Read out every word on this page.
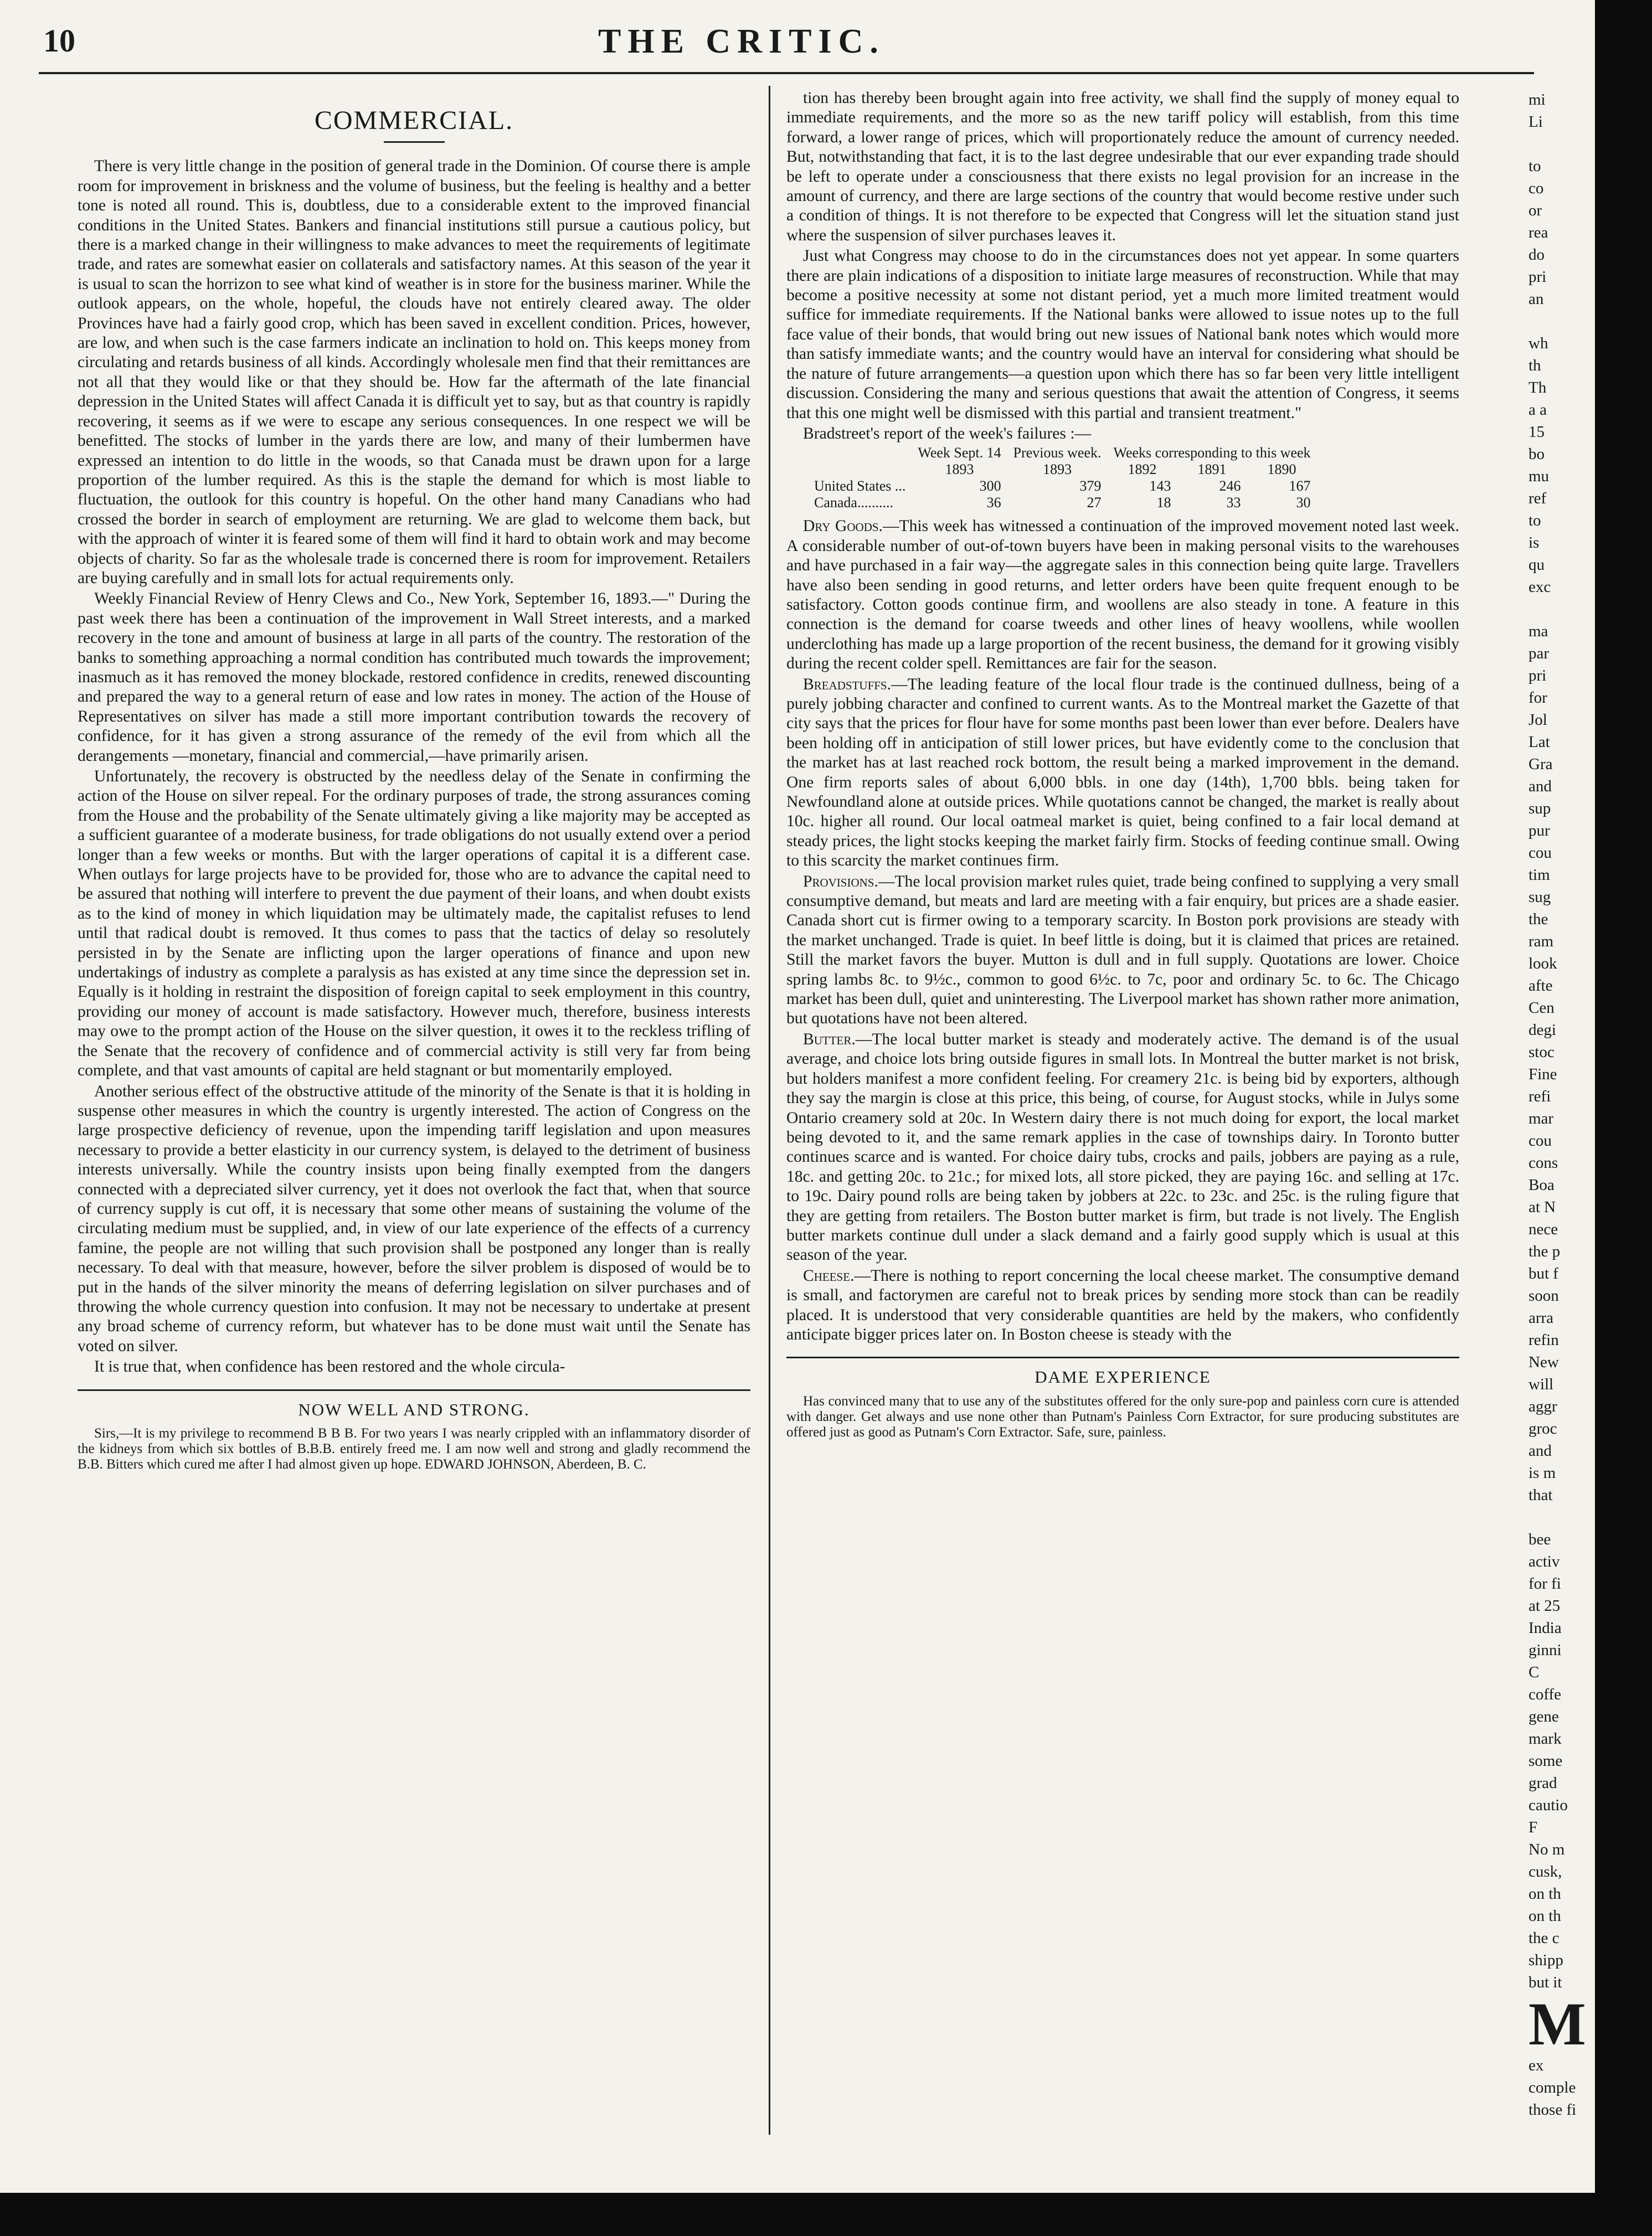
10	THE CRITIC.
COMMERCIAL.

There is very little change in the position of general trade in the Dominion. Of course there is ample room for improvement in briskness and the volume of business, but the feeling is healthy and a better tone is noted all round. This is, doubtless, due to a considerable extent to the improved financial conditions in the United States. Bankers and financial institutions still pursue a cautious policy, but there is a marked change in their willingness to make advances to meet the requirements of legitimate trade, and rates are somewhat easier on collaterals and satisfactory names. At this season of the year it is usual to scan the horrizon to see what kind of weather is in store for the business mariner. While the outlook appears, on the whole, hopeful, the clouds have not entirely cleared away. The older Provinces have had a fairly good crop, which has been saved in excellent condition. Prices, however, are low, and when such is the case farmers indicate an inclination to hold on. This keeps money from circulating and retards business of all kinds. Accordingly wholesale men find that their remittances are not all that they would like or that they should be. How far the aftermath of the late financial depression in the United States will affect Canada it is difficult yet to say, but as that country is rapidly recovering, it seems as if we were to escape any serious consequences. In one respect we will be benefitted. The stocks of lumber in the yards there are low, and many of their lumbermen have expressed an intention to do little in the woods, so that Canada must be drawn upon for a large proportion of the lumber required. As this is the staple the demand for which is most liable to fluctuation, the outlook for this country is hopeful. On the other hand many Canadians who had crossed the border in search of employment are returning. We are glad to welcome them back, but with the approach of winter it is feared some of them will find it hard to obtain work and may become objects of charity. So far as the wholesale trade is concerned there is room for improvement. Retailers are buying carefully and in small lots for actual requirements only.

Weekly Financial Review of Henry Clews and Co., New York, September 16, 1893.—" During the past week there has been a continuation of the improvement in Wall Street interests, and a marked recovery in the tone and amount of business at large in all parts of the country. The restoration of the banks to something approaching a normal condition has contributed much towards the improvement; inasmuch as it has removed the money blockade, restored confidence in credits, renewed discounting and prepared the way to a general return of ease and low rates in money. The action of the House of Representatives on silver has made a still more important contribution towards the recovery of confidence, for it has given a strong assurance of the remedy of the evil from which all the derangements —monetary, financial and commercial,—have primarily arisen.

Unfortunately, the recovery is obstructed by the needless delay of the Senate in confirming the action of the House on silver repeal. For the ordinary purposes of trade, the strong assurances coming from the House and the probability of the Senate ultimately giving a like majority may be accepted as a sufficient guarantee of a moderate business, for trade obligations do not usually extend over a period longer than a few weeks or months. But with the larger operations of capital it is a different case. When outlays for large projects have to be provided for, those who are to advance the capital need to be assured that nothing will interfere to prevent the due payment of their loans, and when doubt exists as to the kind of money in which liquidation may be ultimately made, the capitalist refuses to lend until that radical doubt is removed. It thus comes to pass that the tactics of delay so resolutely persisted in by the Senate are inflicting upon the larger operations of finance and upon new undertakings of industry as complete a paralysis as has existed at any time since the depression set in. Equally is it holding in restraint the disposition of foreign capital to seek employment in this country, providing our money of account is made satisfactory. However much, therefore, business interests may owe to the prompt action of the House on the silver question, it owes it to the reckless trifling of the Senate that the recovery of confidence and of commercial activity is still very far from being complete, and that vast amounts of capital are held stagnant or but momentarily employed.

Another serious effect of the obstructive attitude of the minority of the Senate is that it is holding in suspense other measures in which the country is urgently interested. The action of Congress on the large prospective deficiency of revenue, upon the impending tariff legislation and upon measures necessary to provide a better elasticity in our currency system, is delayed to the detriment of business interests universally. While the country insists upon being finally exempted from the dangers connected with a depreciated silver currency, yet it does not overlook the fact that, when that source of currency supply is cut off, it is necessary that some other means of sustaining the volume of the circulating medium must be supplied, and, in view of our late experience of the effects of a currency famine, the people are not willing that such provision shall be postponed any longer than is really necessary. To deal with that measure, however, before the silver problem is disposed of would be to put in the hands of the silver minority the means of deferring legislation on silver purchases and of throwing the whole currency question into confusion. It may not be necessary to undertake at present any broad scheme of currency reform, but whatever has to be done must wait until the Senate has voted on silver.

It is true that, when confidence has been restored and the whole circula-

NOW WELL AND STRONG.
Sirs,—It is my privilege to recommend B B B. For two years I was nearly crippled with an inflammatory disorder of the kidneys from which six bottles of B.B.B. entirely freed me. I am now well and strong and gladly recommend the B.B. Bitters which cured me after I had almost given up hope. EDWARD JOHNSON, Aberdeen, B. C.

tion has thereby been brought again into free activity, we shall find the supply of money equal to immediate requirements, and the more so as the new tariff policy will establish, from this time forward, a lower range of prices, which will proportionately reduce the amount of currency needed. But, notwithstanding that fact, it is to the last degree undesirable that our ever expanding trade should be left to operate under a consciousness that there exists no legal provision for an increase in the amount of currency, and there are large sections of the country that would become restive under such a condition of things. It is not therefore to be expected that Congress will let the situation stand just where the suspension of silver purchases leaves it.

Just what Congress may choose to do in the circumstances does not yet appear. In some quarters there are plain indications of a disposition to initiate large measures of reconstruction. While that may become a positive necessity at some not distant period, yet a much more limited treatment would suffice for immediate requirements. If the National banks were allowed to issue notes up to the full face value of their bonds, that would bring out new issues of National bank notes which would more than satisfy immediate wants; and the country would have an interval for considering what should be the nature of future arrangements—a question upon which there has so far been very little intelligent discussion. Considering the many and serious questions that await the attention of Congress, it seems that this one might well be dismissed with this partial and transient treatment."

Bradstreet's report of the week's failures :—

	Week Sept. 14	Previous week.	Weeks corresponding to this week		
	1893	1893	1892	1891	1890
United States ...	300	379	143	246	167
Canada..........	36	27	18	33	30

Dry Goods.—This week has witnessed a continuation of the improved movement noted last week. A considerable number of out-of-town buyers have been in making personal visits to the warehouses and have purchased in a fair way—the aggregate sales in this connection being quite large. Travellers have also been sending in good returns, and letter orders have been quite frequent enough to be satisfactory. Cotton goods continue firm, and woollens are also steady in tone. A feature in this connection is the demand for coarse tweeds and other lines of heavy woollens, while woollen underclothing has made up a large proportion of the recent business, the demand for it growing visibly during the recent colder spell. Remittances are fair for the season.

Breadstuffs.—The leading feature of the local flour trade is the continued dullness, being of a purely jobbing character and confined to current wants. As to the Montreal market the Gazette of that city says that the prices for flour have for some months past been lower than ever before. Dealers have been holding off in anticipation of still lower prices, but have evidently come to the conclusion that the market has at last reached rock bottom, the result being a marked improvement in the demand. One firm reports sales of about 6,000 bbls. in one day (14th), 1,700 bbls. being taken for Newfoundland alone at outside prices. While quotations cannot be changed, the market is really about 10c. higher all round. Our local oatmeal market is quiet, being confined to a fair local demand at steady prices, the light stocks keeping the market fairly firm. Stocks of feeding continue small. Owing to this scarcity the market continues firm.

Provisions.—The local provision market rules quiet, trade being confined to supplying a very small consumptive demand, but meats and lard are meeting with a fair enquiry, but prices are a shade easier. Canada short cut is firmer owing to a temporary scarcity. In Boston pork provisions are steady with the market unchanged. Trade is quiet. In beef little is doing, but it is claimed that prices are retained. Still the market favors the buyer. Mutton is dull and in full supply. Quotations are lower. Choice spring lambs 8c. to 9½c., common to good 6½c. to 7c, poor and ordinary 5c. to 6c. The Chicago market has been dull, quiet and uninteresting. The Liverpool market has shown rather more animation, but quotations have not been altered.

Butter.—The local butter market is steady and moderately active. The demand is of the usual average, and choice lots bring outside figures in small lots. In Montreal the butter market is not brisk, but holders manifest a more confident feeling. For creamery 21c. is being bid by exporters, although they say the margin is close at this price, this being, of course, for August stocks, while in Julys some Ontario creamery sold at 20c. In Western dairy there is not much doing for export, the local market being devoted to it, and the same remark applies in the case of townships dairy. In Toronto butter continues scarce and is wanted. For choice dairy tubs, crocks and pails, jobbers are paying as a rule, 18c. and getting 20c. to 21c.; for mixed lots, all store picked, they are paying 16c. and selling at 17c. to 19c. Dairy pound rolls are being taken by jobbers at 22c. to 23c. and 25c. is the ruling figure that they are getting from retailers. The Boston butter market is firm, but trade is not lively. The English butter markets continue dull under a slack demand and a fairly good supply which is usual at this season of the year.

Cheese.—There is nothing to report concerning the local cheese market. The consumptive demand is small, and factorymen are careful not to break prices by sending more stock than can be readily placed. It is understood that very considerable quantities are held by the makers, who confidently anticipate bigger prices later on. In Boston cheese is steady with the

DAME EXPERIENCE
Has convinced many that to use any of the substitutes offered for the only sure-pop and painless corn cure is attended with danger. Get always and use none other than Putnam's Painless Corn Extractor, for sure producing substitutes are offered just as good as Putnam's Corn Extractor. Safe, sure, painless.
mi
Li
to
co
or
rea
do
pri
an
wh
th
Th
a a
15
bo
mu
ref
to
is
qu
exc
ma
par
pri
for
Jol
Lat
Gra
and
sup
pur
cou
tim
sug
the
ram
look
afte
Cen
degi
stoc
Fine
refi
mar
cou
cons
Boa
at N
nece
the p
but f
soon
arra
refin
New
will
aggr
groc
and
is m
that
bee
activ
for fi
at 25
India
ginni
C
coffe
gene
mark
some
grad
cautio
F
No m
cusk,
on th
on th
the c
shipp
but it
M
ex
comple
those fi
